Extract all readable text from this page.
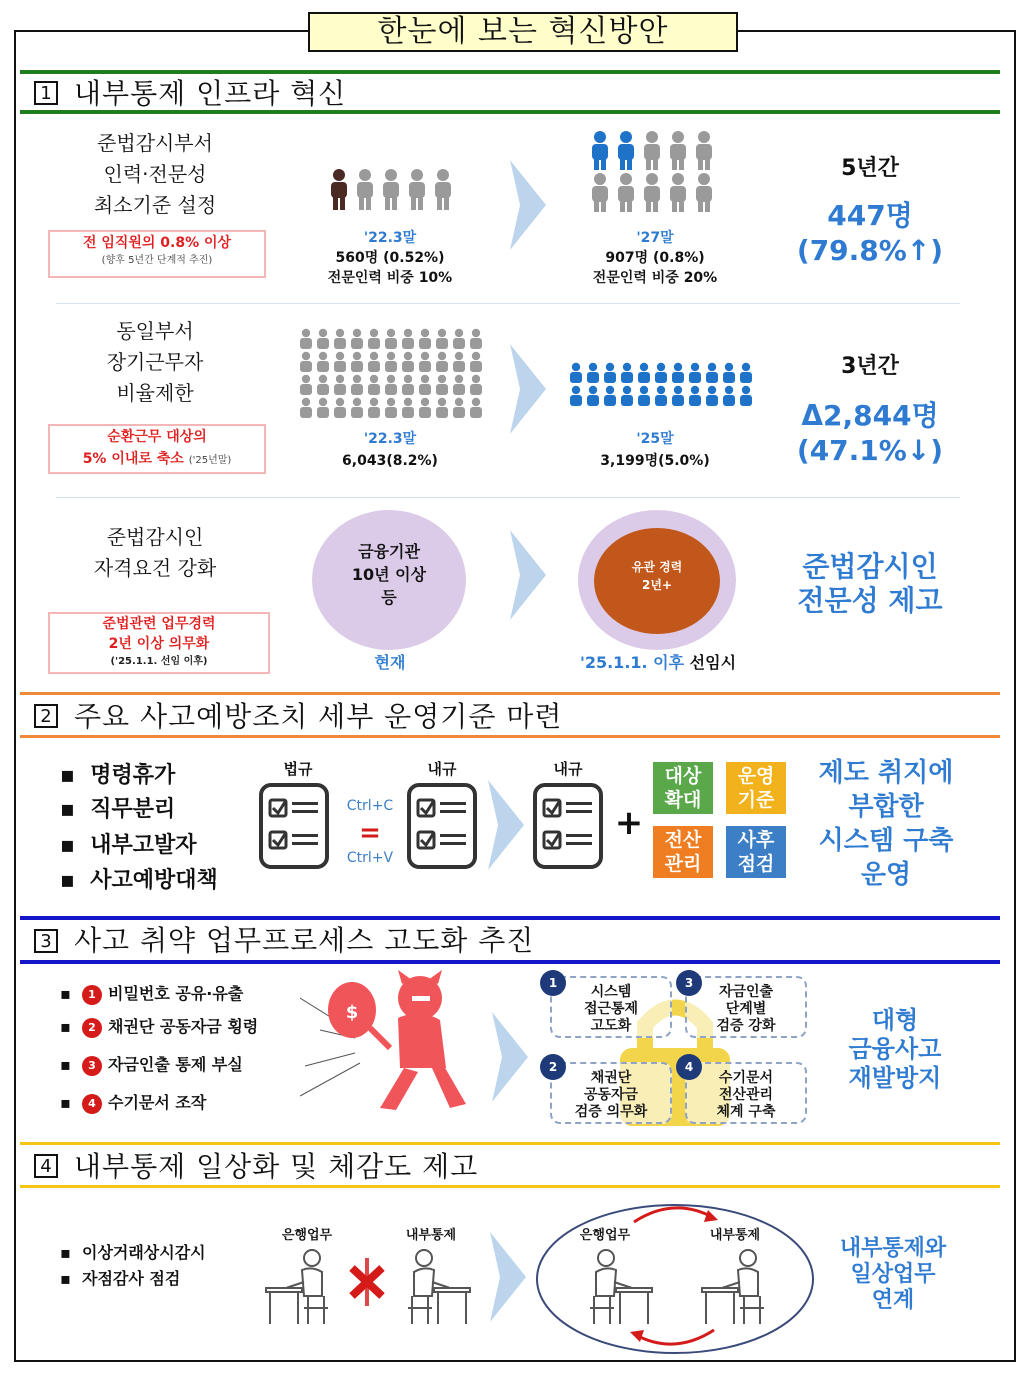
한눈에 보는 혁신방안
1 내부통제 인프라 혁신
준법감시부서
인력·전문성
최소기준 설정
전 임직원의 0.8% 이상
(향후 5년간 단계적 추진)
'22.3말
560명 (0.52%)
전문인력 비중 10%
'27말
907명 (0.8%)
전문인력 비중 20%
5년간
447명
(79.8%↑)
동일부서
장기근무자
비율제한
순환근무 대상의
5% 이내로 축소 ('25년말)
'22.3말
6,043(8.2%)
'25말
3,199명(5.0%)
3년간
Δ2,844명
(47.1%↓)
준법감시인
자격요건 강화
준법관련 업무경력
2년 이상 의무화
('25.1.1. 선임 이후)
금융기관
10년 이상
등
현재
유관 경력
2년+
'25.1.1. 이후 선임시
준법감시인
전문성 제고
2 주요 사고예방조치 세부 운영기준 마련
▪  명령휴가
▪  직무분리
▪  내부고발자
▪  사고예방대책
법규	내규	내규
Ctrl+C
=
Ctrl+V
+
대상
확대
운영
기준
전산
관리
사후
점검
제도 취지에
부합한
시스템 구축
운영
3 사고 취약 업무프로세스 고도화 추진
▪  1 비밀번호 공유·유출
▪  2 채권단 공동자금 횡령
▪  3 자금인출 통제 부실
▪  4 수기문서 조작
$
시스템
접근통제
고도화
1
자금인출
단계별
검증 강화
3
채권단
공동자금
검증 의무화
2
수기문서
전산관리
체계 구축
4
대형
금융사고
재발방지
4 내부통제 일상화 및 체감도 제고
▪  이상거래상시감시
▪  자점감사 점검
은행업무	내부통제	은행업무	내부통제
내부통제와
일상업무
연계
